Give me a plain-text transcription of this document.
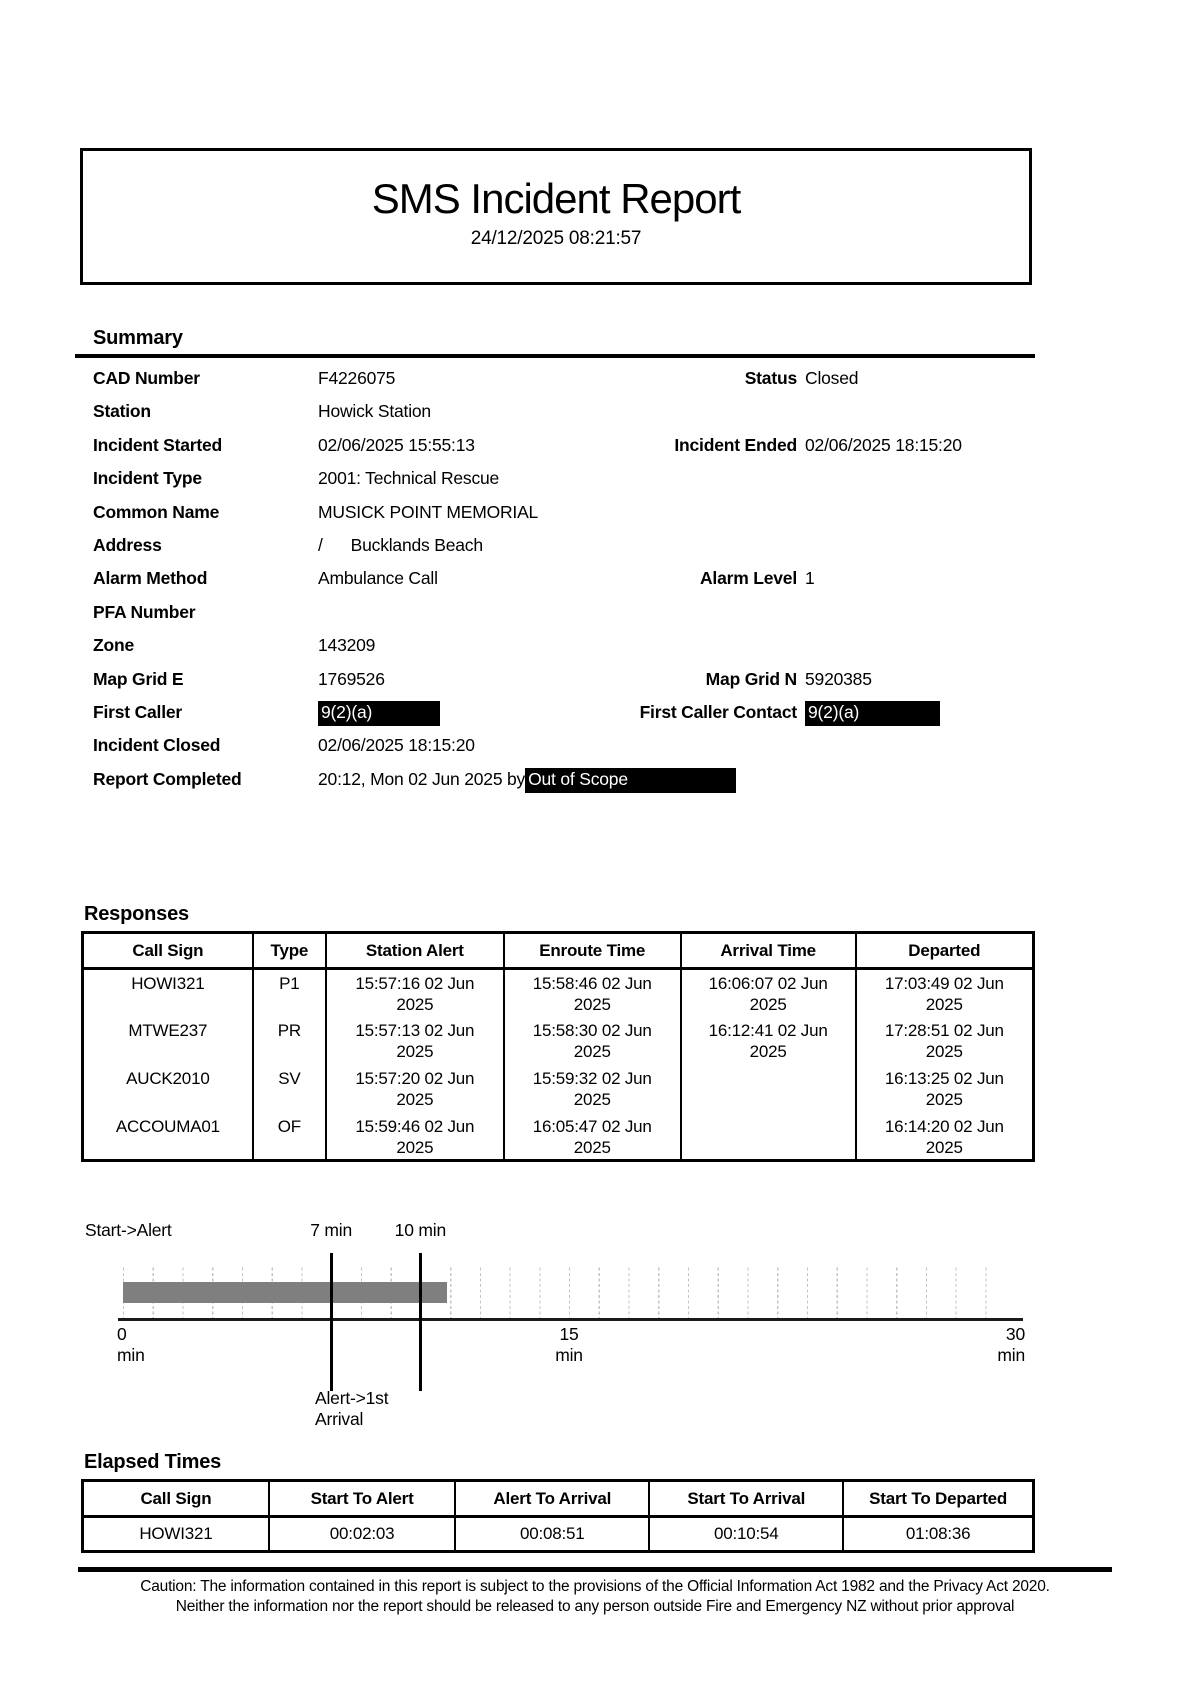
SMS Incident Report
24/12/2025 08:21:57
Summary
CAD Number	F4226075	Status Closed
Station	Howick Station
Incident Started	02/06/2025 15:55:13	Incident Ended 02/06/2025 18:15:20
Incident Type	2001: Technical Rescue
Common Name	MUSICK POINT MEMORIAL
Address	/      Bucklands Beach
Alarm Method	Ambulance Call	Alarm Level 1
PFA Number
Zone	143209
Map Grid E	1769526	Map Grid N 5920385
First Caller	9(2)(a)	First Caller Contact 9(2)(a)
Incident Closed	02/06/2025 18:15:20
Report Completed	20:12, Mon 02 Jun 2025 by Out of Scope
Responses
Call Sign	Type	Station Alert	Enroute Time	Arrival Time	Departed
HOWI321	P1	15:57:16 02 Jun 2025	15:58:46 02 Jun 2025	16:06:07 02 Jun 2025	17:03:49 02 Jun 2025
MTWE237	PR	15:57:13 02 Jun 2025	15:58:30 02 Jun 2025	16:12:41 02 Jun 2025	17:28:51 02 Jun 2025
AUCK2010	SV	15:57:20 02 Jun 2025	15:59:32 02 Jun 2025		16:13:25 02 Jun 2025
ACCOUMA01	OF	15:59:46 02 Jun 2025	16:05:47 02 Jun 2025		16:14:20 02 Jun 2025
Start->Alert	7 min	10 min
0
min
15
min
30
min
Alert->1st Arrival
Elapsed Times
Call Sign	Start To Alert	Alert To Arrival	Start To Arrival	Start To Departed
HOWI321	00:02:03	00:08:51	00:10:54	01:08:36
Caution: The information contained in this report is subject to the provisions of the Official Information Act 1982 and the Privacy Act 2020.
Neither the information nor the report should be released to any person outside Fire and Emergency NZ without prior approval
